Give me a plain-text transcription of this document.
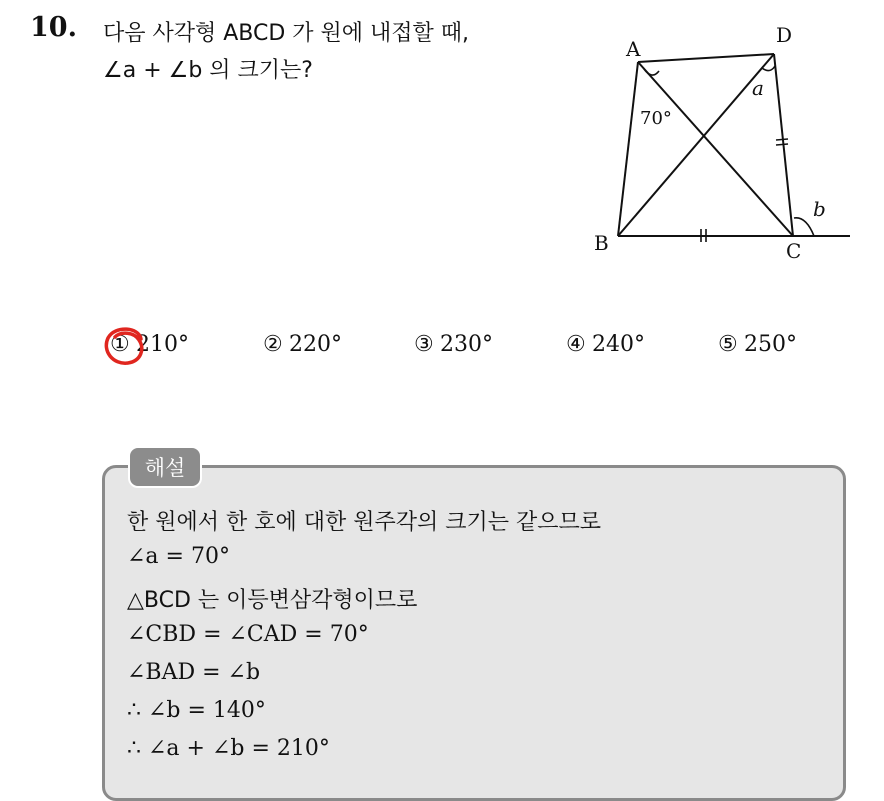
10. 다음 사각형 ABCD 가 원에 내접할 때,
∠a + ∠b 의 크기는?
A
D
B	C
70°
a
b
① 210°	② 220°	③ 230°	④ 240°	⑤ 250°
해설
한 원에서 한 호에 대한 원주각의 크기는 같으므로
∠a = 70°
△BCD 는 이등변삼각형이므로
∠CBD = ∠CAD = 70°
∠BAD = ∠b
∴ ∠b = 140°
∴ ∠a + ∠b = 210°
